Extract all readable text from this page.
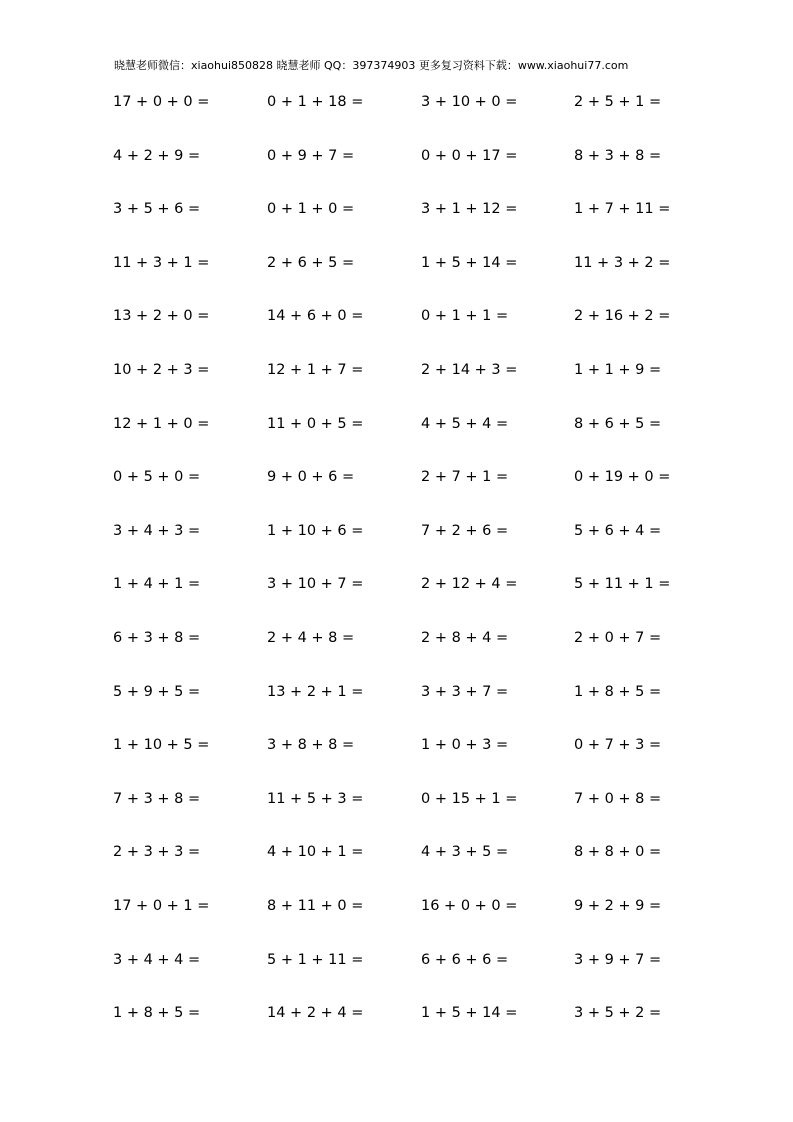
晓慧老师微信：xiaohui850828 晓慧老师 QQ：397374903 更多复习资料下载：www.xiaohui77.com
17 + 0 + 0 =	0 + 1 + 18 =	3 + 10 + 0 =	2 + 5 + 1 =
4 + 2 + 9 =	0 + 9 + 7 =	0 + 0 + 17 =	8 + 3 + 8 =
3 + 5 + 6 =	0 + 1 + 0 =	3 + 1 + 12 =	1 + 7 + 11 =
11 + 3 + 1 =	2 + 6 + 5 =	1 + 5 + 14 =	11 + 3 + 2 =
13 + 2 + 0 =	14 + 6 + 0 =	0 + 1 + 1 =	2 + 16 + 2 =
10 + 2 + 3 =	12 + 1 + 7 =	2 + 14 + 3 =	1 + 1 + 9 =
12 + 1 + 0 =	11 + 0 + 5 =	4 + 5 + 4 =	8 + 6 + 5 =
0 + 5 + 0 =	9 + 0 + 6 =	2 + 7 + 1 =	0 + 19 + 0 =
3 + 4 + 3 =	1 + 10 + 6 =	7 + 2 + 6 =	5 + 6 + 4 =
1 + 4 + 1 =	3 + 10 + 7 =	2 + 12 + 4 =	5 + 11 + 1 =
6 + 3 + 8 =	2 + 4 + 8 =	2 + 8 + 4 =	2 + 0 + 7 =
5 + 9 + 5 =	13 + 2 + 1 =	3 + 3 + 7 =	1 + 8 + 5 =
1 + 10 + 5 =	3 + 8 + 8 =	1 + 0 + 3 =	0 + 7 + 3 =
7 + 3 + 8 =	11 + 5 + 3 =	0 + 15 + 1 =	7 + 0 + 8 =
2 + 3 + 3 =	4 + 10 + 1 =	4 + 3 + 5 =	8 + 8 + 0 =
17 + 0 + 1 =	8 + 11 + 0 =	16 + 0 + 0 =	9 + 2 + 9 =
3 + 4 + 4 =	5 + 1 + 11 =	6 + 6 + 6 =	3 + 9 + 7 =
1 + 8 + 5 =	14 + 2 + 4 =	1 + 5 + 14 =	3 + 5 + 2 =
